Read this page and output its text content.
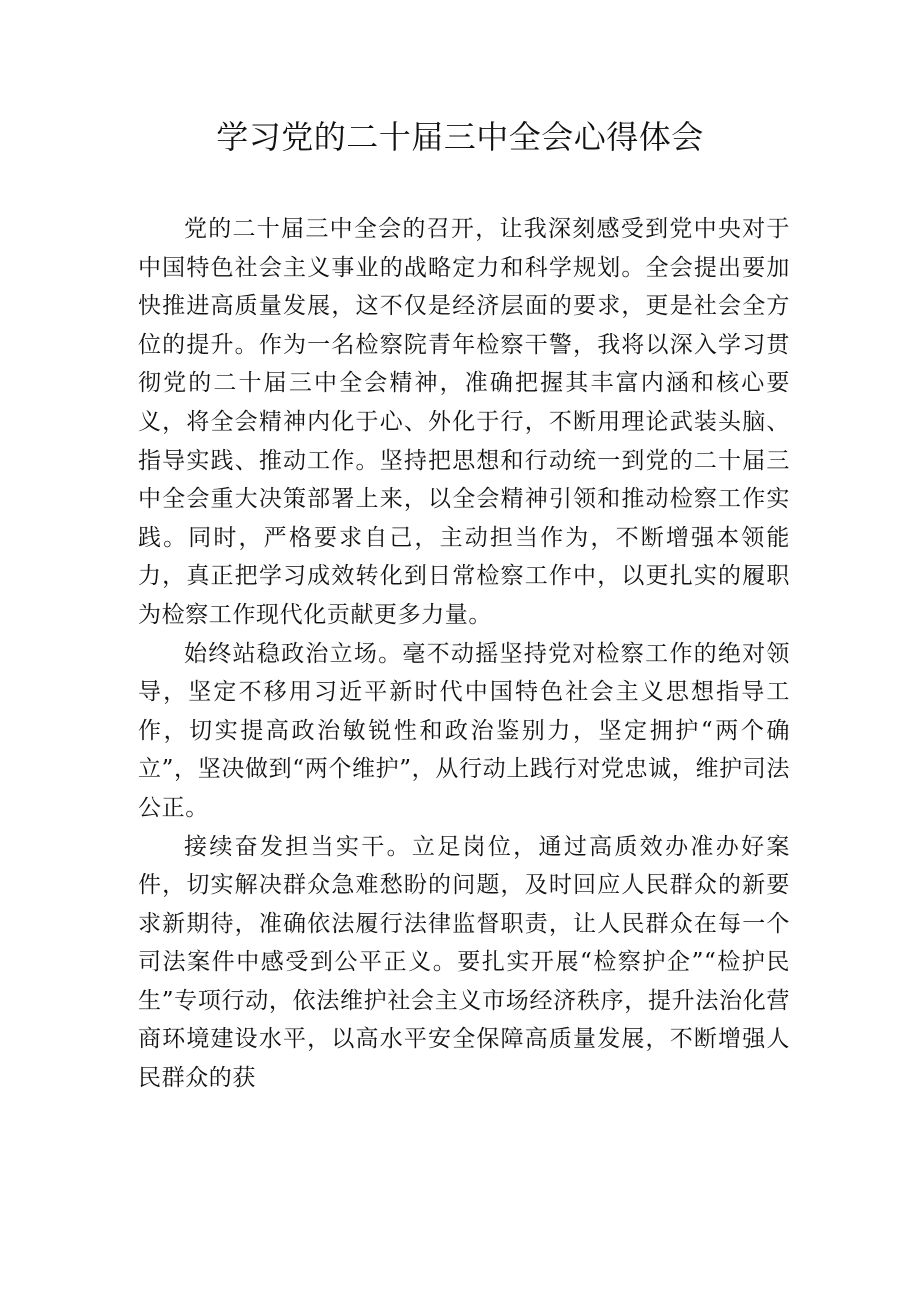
学习党的二十届三中全会心得体会

党的二十届三中全会的召开，让我深刻感受到党中央对于中国特色社会主义事业的战略定力和科学规划。全会提出要加快推进高质量发展，这不仅是经济层面的要求，更是社会全方位的提升。作为一名检察院青年检察干警，我将以深入学习贯彻党的二十届三中全会精神，准确把握其丰富内涵和核心要义，将全会精神内化于心、外化于行，不断用理论武装头脑、指导实践、推动工作。坚持把思想和行动统一到党的二十届三中全会重大决策部署上来，以全会精神引领和推动检察工作实践。同时，严格要求自己，主动担当作为，不断增强本领能力，真正把学习成效转化到日常检察工作中，以更扎实的履职为检察工作现代化贡献更多力量。

始终站稳政治立场。毫不动摇坚持党对检察工作的绝对领导，坚定不移用习近平新时代中国特色社会主义思想指导工作，切实提高政治敏锐性和政治鉴别力，坚定拥护“两个确立”，坚决做到“两个维护”，从行动上践行对党忠诚，维护司法公正。

接续奋发担当实干。立足岗位，通过高质效办准办好案件，切实解决群众急难愁盼的问题，及时回应人民群众的新要求新期待，准确依法履行法律监督职责，让人民群众在每一个司法案件中感受到公平正义。要扎实开展“检察护企”“检护民生”专项行动，依法维护社会主义市场经济秩序，提升法治化营商环境建设水平，以高水平安全保障高质量发展，不断增强人民群众的获
